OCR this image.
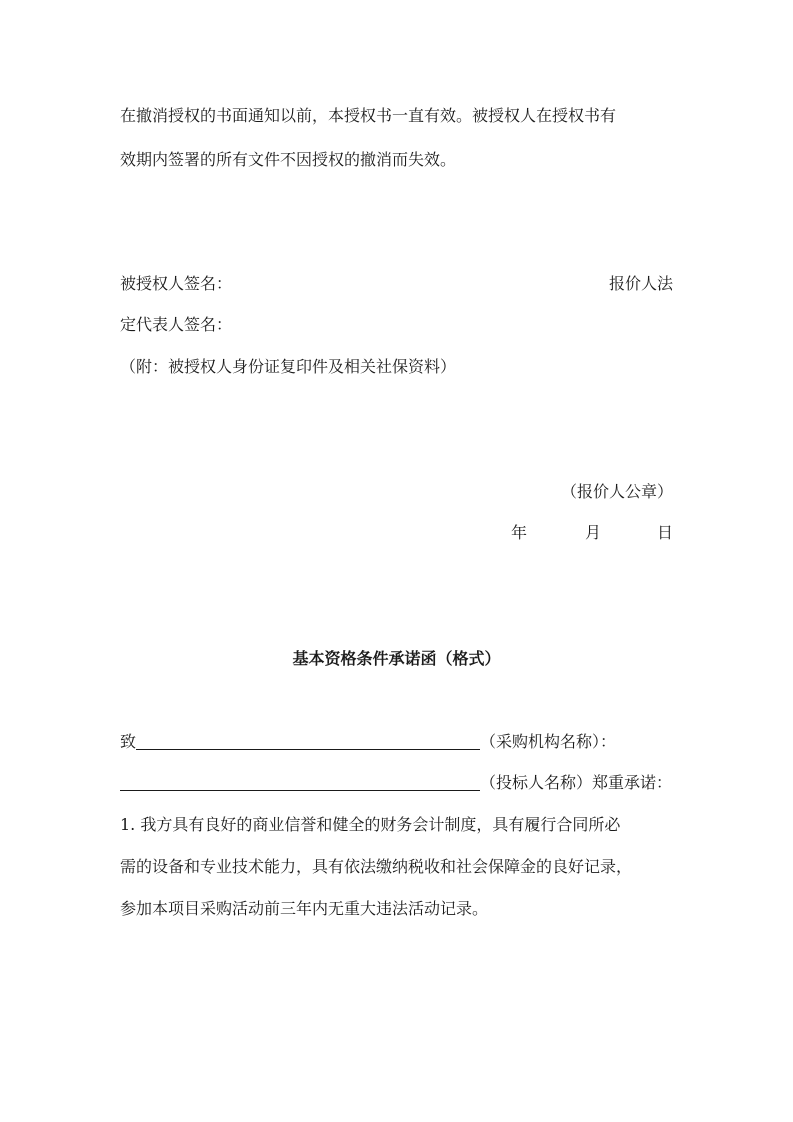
在撤消授权的书面通知以前，本授权书一直有效。被授权人在授权书有
效期内签署的所有文件不因授权的撤消而失效。
被授权人签名：	报价人法
定代表人签名：
（附：被授权人身份证复印件及相关社保资料）
（报价人公章）
年	月	日
基本资格条件承诺函（格式）
致	（采购机构名称）：
（投标人名称）郑重承诺：
1. 我方具有良好的商业信誉和健全的财务会计制度，具有履行合同所必
需的设备和专业技术能力，具有依法缴纳税收和社会保障金的良好记录，
参加本项目采购活动前三年内无重大违法活动记录。
